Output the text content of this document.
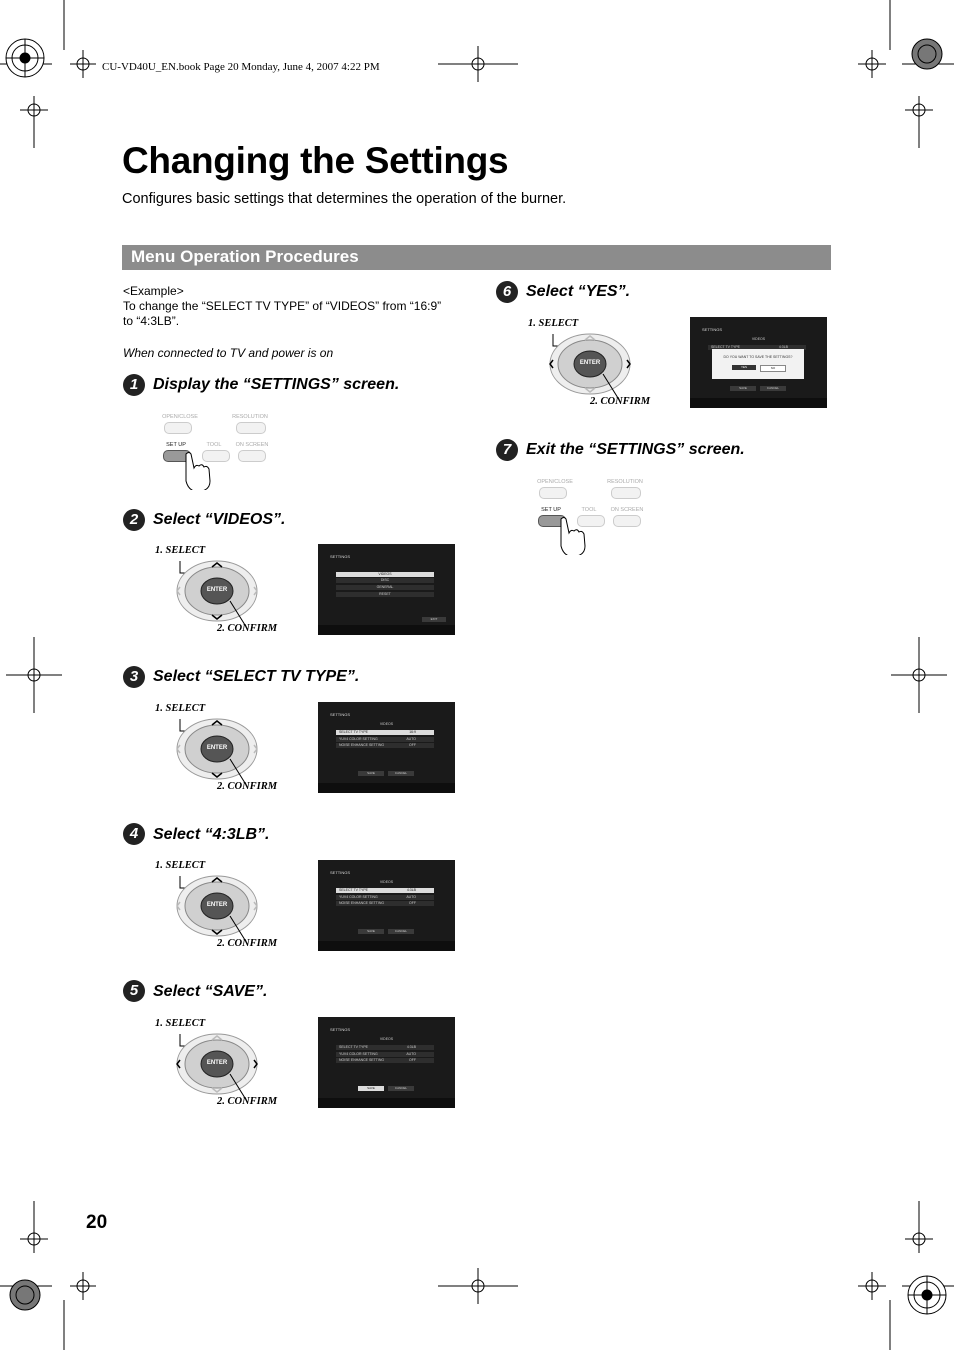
CU-VD40U_EN.book Page 20 Monday, June 4, 2007 4:22 PM
Changing the Settings
Configures basic settings that determines the operation of the burner.
Menu Operation Procedures
<Example>
To change the “SELECT TV TYPE” of “VIDEOS” from “16:9” to “4:3LB”.
When connected to TV and power is on
1 Display the “SETTINGS” screen.
OPEN/CLOSE	RESOLUTION
SET UP	TOOL	ON SCREEN
2 Select “VIDEOS”.
1. SELECT
ENTER
2. CONFIRM
SETTINGS
VIDEOS
DISC
GENERAL
RESET
EXIT
3 Select “SELECT TV TYPE”.
1. SELECT
ENTER
2. CONFIRM
SETTINGS
VIDEOS
SELECT TV TYPE	16:9
YUV4 COLOR SETTING	AUTO
NOISE ENHANCE SETTING	OFF
SAVE	CANCEL
4 Select “4:3LB”.
1. SELECT
ENTER
2. CONFIRM
SETTINGS
VIDEOS
SELECT TV TYPE	4:3LB
YUV4 COLOR SETTING	AUTO
NOISE ENHANCE SETTING	OFF
SAVE	CANCEL
5 Select “SAVE”.
1. SELECT
ENTER
2. CONFIRM
SETTINGS
VIDEOS
SELECT TV TYPE	4:3LB
YUV4 COLOR SETTING	AUTO
NOISE ENHANCE SETTING	OFF
SAVE	CANCEL
6 Select “YES”.
1. SELECT
ENTER
2. CONFIRM
SETTINGS
VIDEOS
SELECT TV TYPE	4:3LB
DO YOU WANT TO SAVE THE SETTINGS?
YES	NO
SAVE	CANCEL
7 Exit the “SETTINGS” screen.
OPEN/CLOSE	RESOLUTION
SET UP	TOOL	ON SCREEN
20
